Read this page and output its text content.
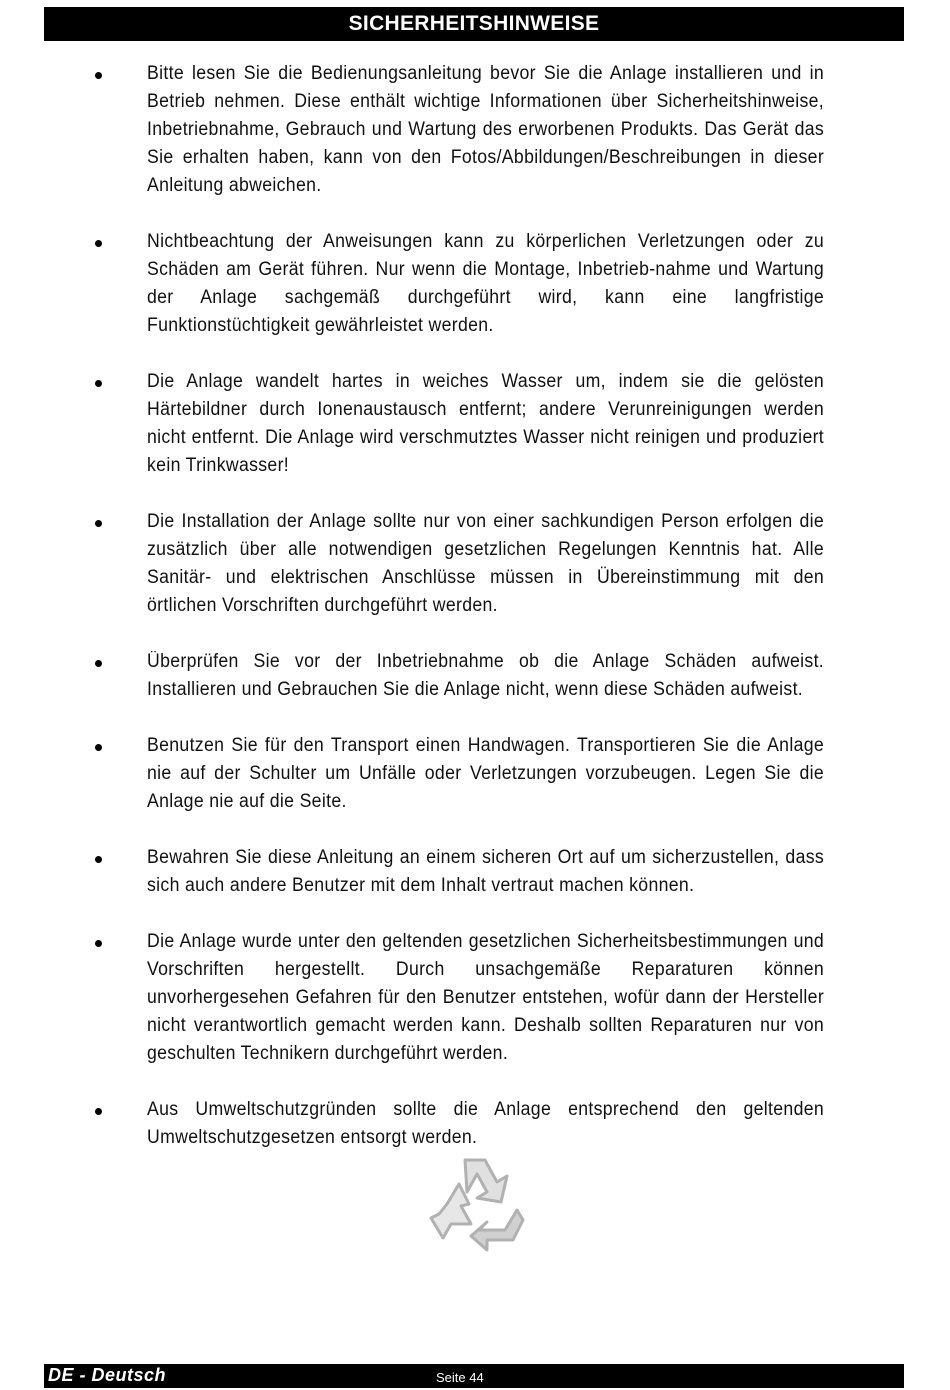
SICHERHEITSHINWEISE

Bitte lesen Sie die Bedienungsanleitung bevor Sie die Anlage installieren und in Betrieb nehmen. Diese enthält wichtige Informationen über Sicherheitshinweise, Inbetriebnahme, Gebrauch und Wartung des erworbenen Produkts. Das Gerät das Sie erhalten haben, kann von den Fotos/Abbildungen/Beschreibungen in dieser Anleitung abweichen.

Nichtbeachtung der Anweisungen kann zu körperlichen Verletzungen oder zu Schäden am Gerät führen. Nur wenn die Montage, Inbetrieb-nahme und Wartung der Anlage sachgemäß durchgeführt wird, kann eine langfristige Funktionstüchtigkeit gewährleistet werden.

Die Anlage wandelt hartes in weiches Wasser um, indem sie die gelösten Härtebildner durch Ionenaustausch entfernt; andere Verunreinigungen werden nicht entfernt. Die Anlage wird verschmutztes Wasser nicht reinigen und produziert kein Trinkwasser!

Die Installation der Anlage sollte nur von einer sachkundigen Person erfolgen die zusätzlich über alle notwendigen gesetzlichen Regelungen Kenntnis hat. Alle Sanitär- und elektrischen Anschlüsse müssen in Übereinstimmung mit den örtlichen Vorschriften durchgeführt werden.

Überprüfen Sie vor der Inbetriebnahme ob die Anlage Schäden aufweist. Installieren und Gebrauchen Sie die Anlage nicht, wenn diese Schäden aufweist.

Benutzen Sie für den Transport einen Handwagen. Transportieren Sie die Anlage nie auf der Schulter um Unfälle oder Verletzungen vorzubeugen. Legen Sie die Anlage nie auf die Seite.

Bewahren Sie diese Anleitung an einem sicheren Ort auf um sicherzustellen, dass sich auch andere Benutzer mit dem Inhalt vertraut machen können.

Die Anlage wurde unter den geltenden gesetzlichen Sicherheitsbestimmungen und Vorschriften hergestellt. Durch unsachgemäße Reparaturen können unvorhergesehen Gefahren für den Benutzer entstehen, wofür dann der Hersteller nicht verantwortlich gemacht werden kann. Deshalb sollten Reparaturen nur von geschulten Technikern durchgeführt werden.

Aus Umweltschutzgründen sollte die Anlage entsprechend den geltenden Umweltschutzgesetzen entsorgt werden.

DE - Deutsch	Seite 44
